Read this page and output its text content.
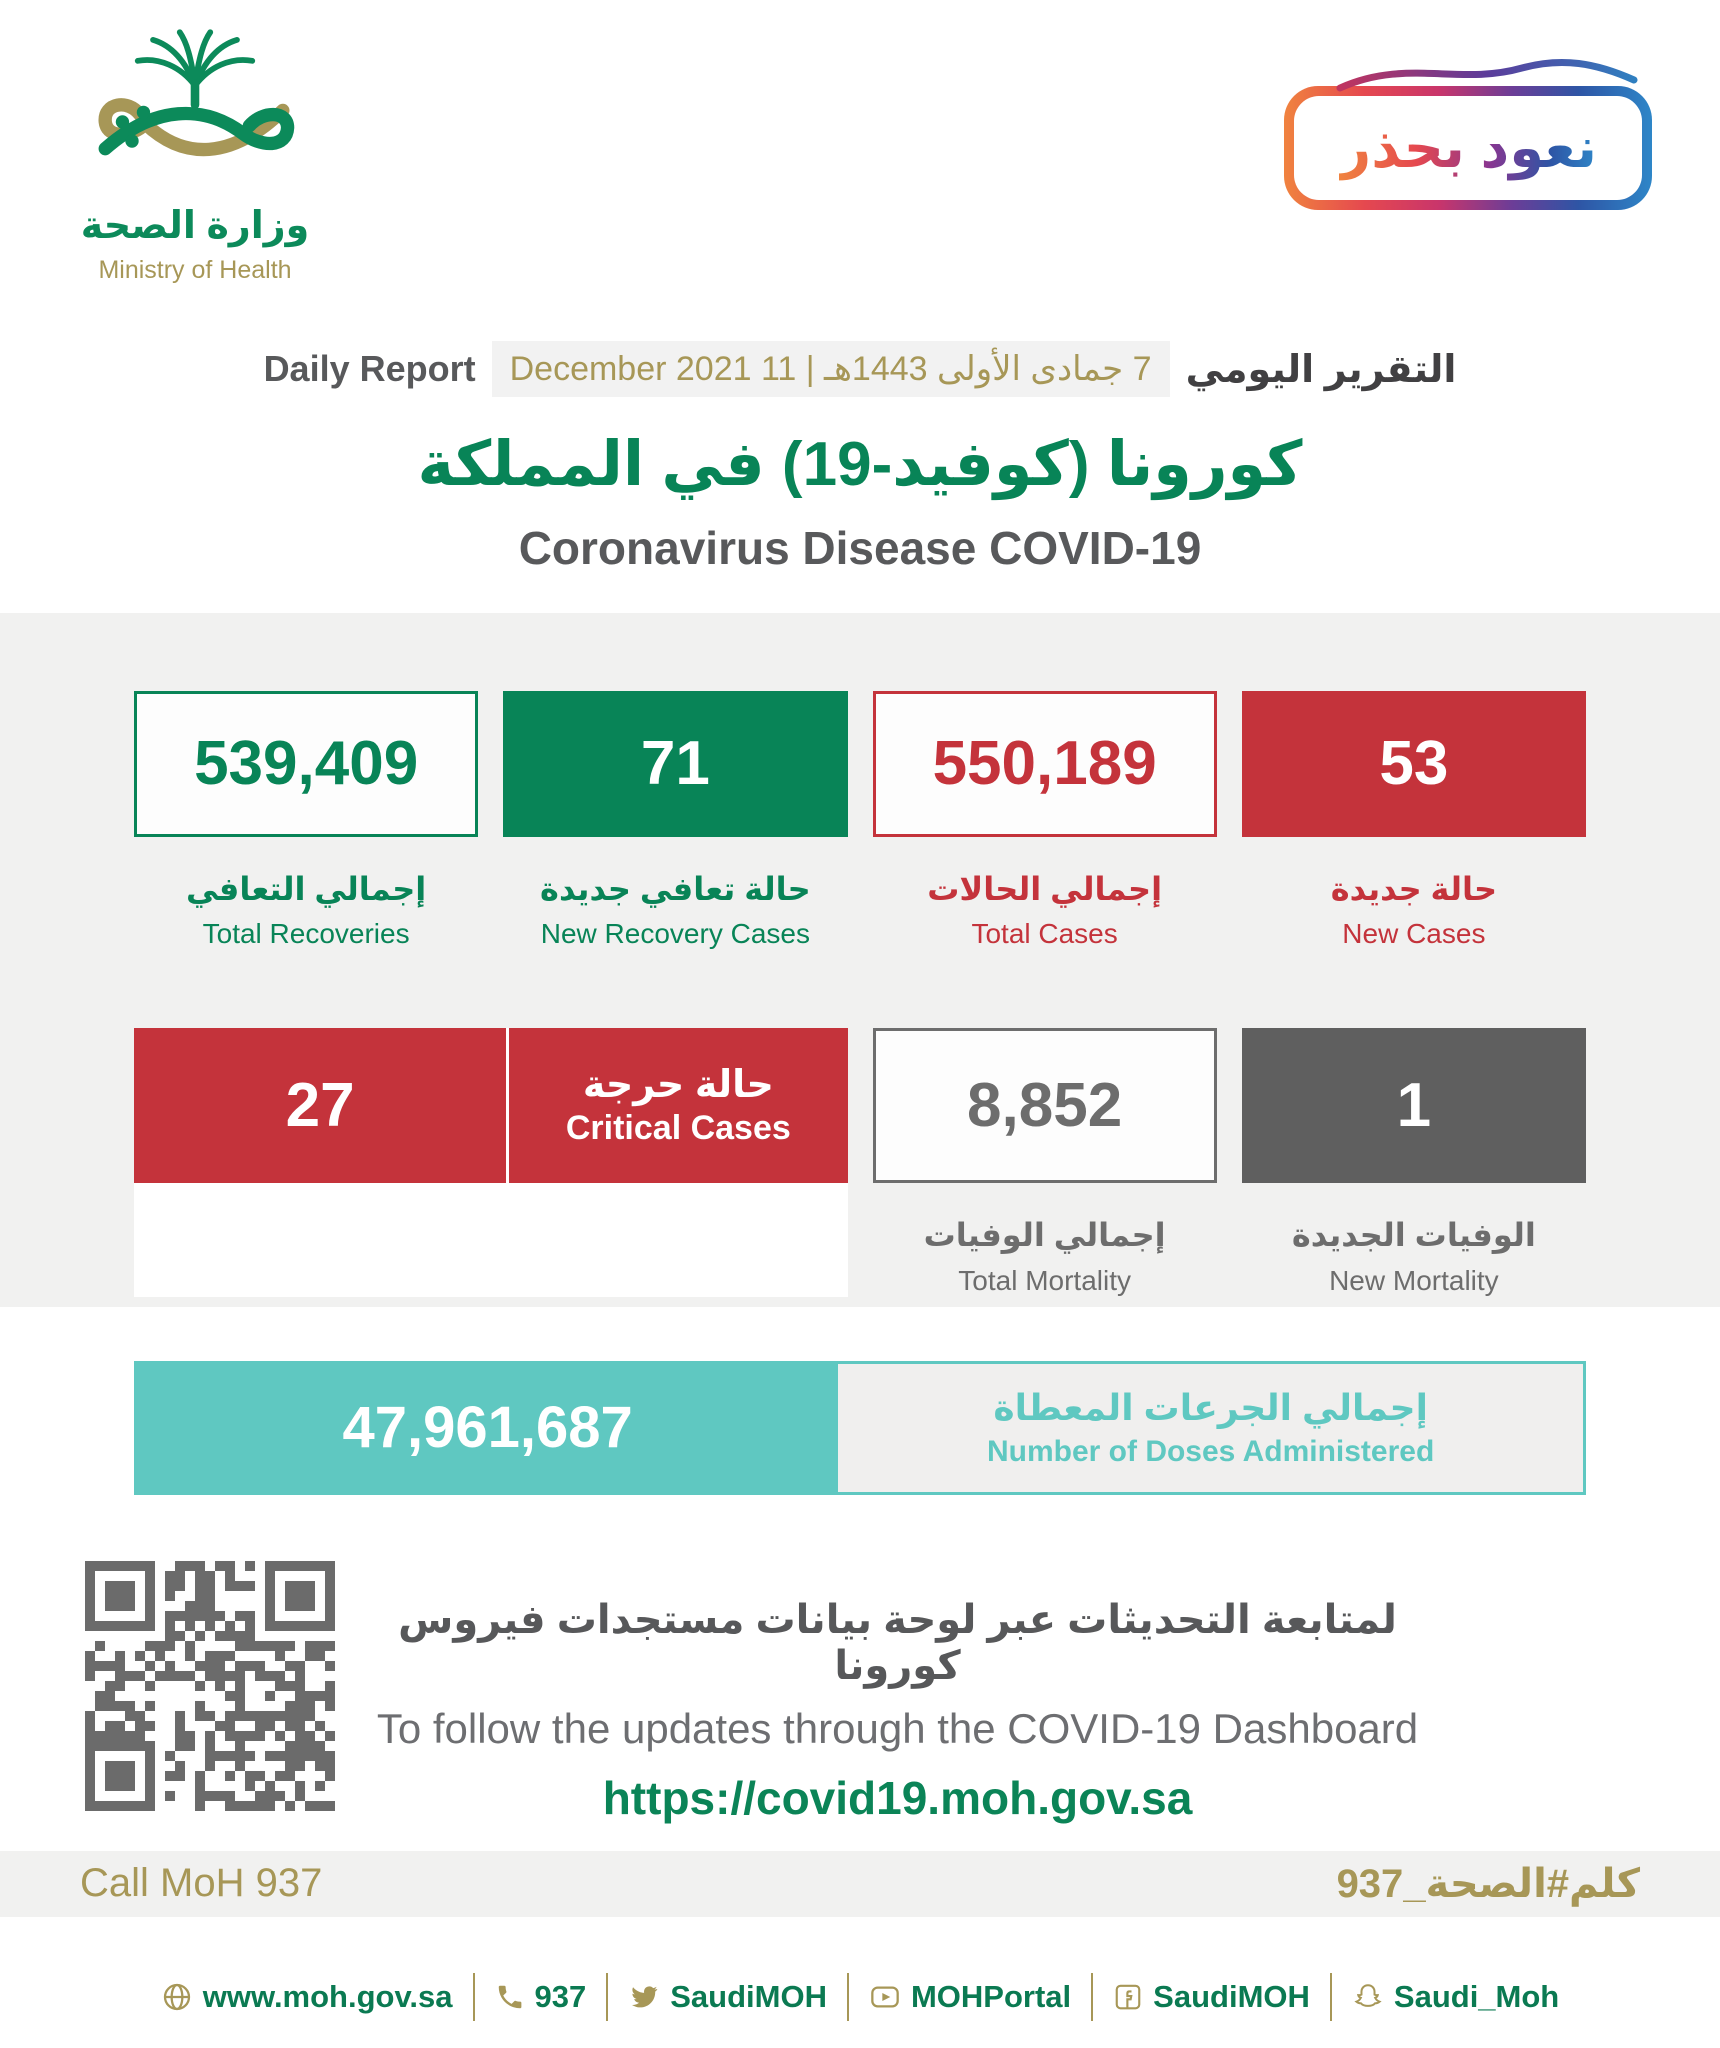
وزارة الصحة
Ministry of Health
نعود بحذر
التقرير اليومي
7 جمادى الأولى 1443هـ | 11 December 2021
Daily Report
كورونا (كوفيد-19) في المملكة
Coronavirus Disease COVID-19
539,409
إجمالي التعافي
Total Recoveries
71
حالة تعافي جديدة
New Recovery Cases
550,189
إجمالي الحالات
Total Cases
53
حالة جديدة
New Cases
27	حالة حرجة
Critical Cases	8,852
إجمالي الوفيات
Total Mortality
1
الوفيات الجديدة
New Mortality
47,961,687	إجمالي الجرعات المعطاة
Number of Doses Administered
لمتابعة التحديثات عبر لوحة بيانات مستجدات فيروس كورونا
To follow the updates through the COVID-19 Dashboard
https://covid19.moh.gov.sa
Call MoH 937	كلم#الصحة_937
www.moh.gov.sa	937	SaudiMOH	MOHPortal	SaudiMOH	Saudi_Moh
